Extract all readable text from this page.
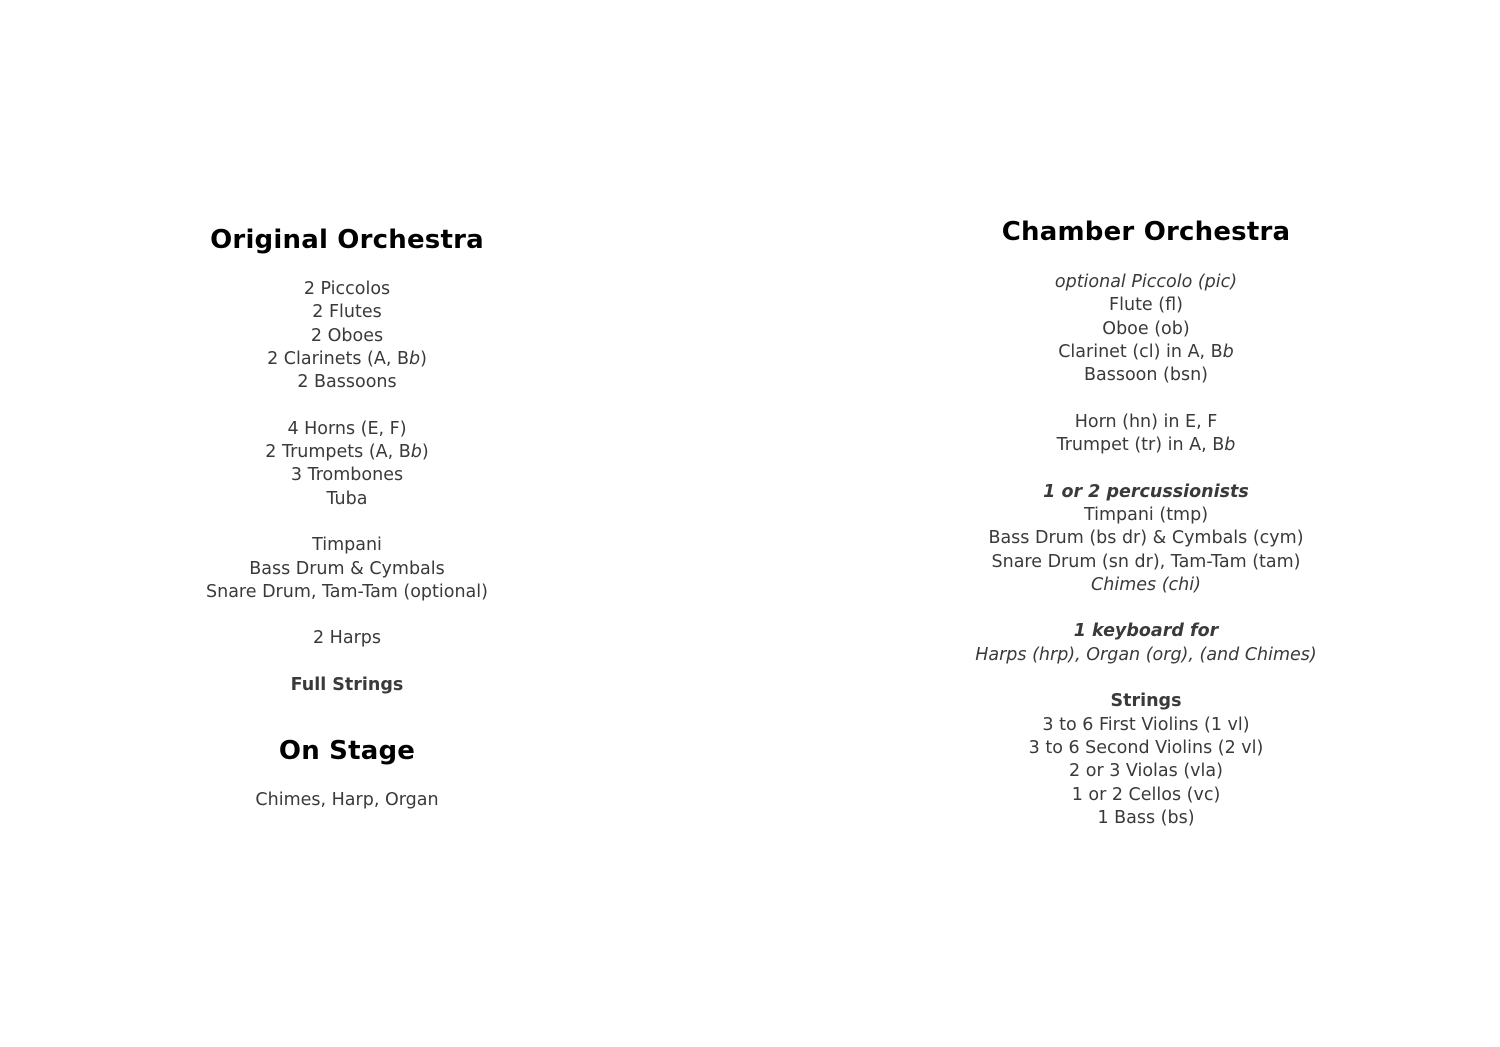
Original Orchestra
2 Piccolos
2 Flutes
2 Oboes
2 Clarinets (A, Bb)
2 Bassoons
4 Horns (E, F)
2 Trumpets (A, Bb)
3 Trombones
Tuba
Timpani
Bass Drum & Cymbals
Snare Drum, Tam-Tam (optional)
2 Harps
Full Strings
On Stage
Chimes, Harp, Organ
Chamber Orchestra
optional Piccolo (pic)
Flute (fl)
Oboe (ob)
Clarinet (cl) in A, Bb
Bassoon (bsn)
Horn (hn) in E, F
Trumpet (tr) in A, Bb
1 or 2 percussionists
Timpani (tmp)
Bass Drum (bs dr) & Cymbals (cym)
Snare Drum (sn dr), Tam-Tam (tam)
Chimes (chi)
1 keyboard for
Harps (hrp), Organ (org), (and Chimes)
Strings
3 to 6 First Violins (1 vl)
3 to 6 Second Violins (2 vl)
2 or 3 Violas (vla)
1 or 2 Cellos (vc)
1 Bass (bs)
